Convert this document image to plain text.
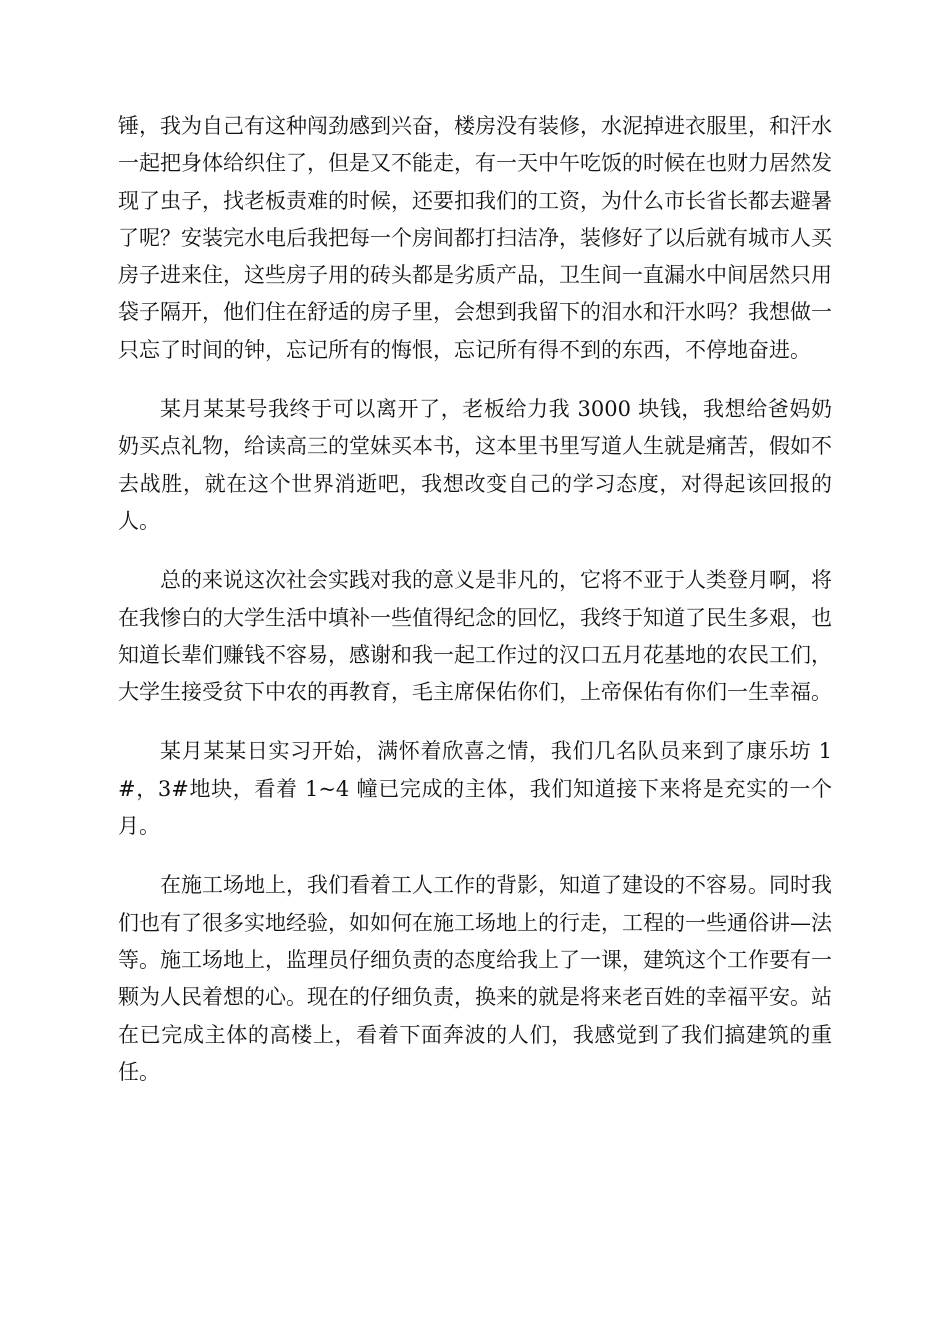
锤，我为自己有这种闯劲感到兴奋，楼房没有装修，水泥掉进衣服里，和汗水一起把身体给织住了，但是又不能走，有一天中午吃饭的时候在也财力居然发现了虫子，找老板责难的时候，还要扣我们的工资，为什么市长省长都去避暑了呢？安装完水电后我把每一个房间都打扫洁净，装修好了以后就有城市人买房子进来住，这些房子用的砖头都是劣质产品，卫生间一直漏水中间居然只用袋子隔开，他们住在舒适的房子里，会想到我留下的泪水和汗水吗？我想做一只忘了时间的钟，忘记所有的悔恨，忘记所有得不到的东西，不停地奋进。

某月某某号我终于可以离开了，老板给力我 3000 块钱，我想给爸妈奶奶买点礼物，给读高三的堂妹买本书，这本里书里写道人生就是痛苦，假如不去战胜，就在这个世界消逝吧，我想改变自己的学习态度，对得起该回报的人。

总的来说这次社会实践对我的意义是非凡的，它将不亚于人类登月啊，将在我惨白的大学生活中填补一些值得纪念的回忆，我终于知道了民生多艰，也知道长辈们赚钱不容易，感谢和我一起工作过的汉口五月花基地的农民工们，大学生接受贫下中农的再教育，毛主席保佑你们，上帝保佑有你们一生幸福。

某月某某日实习开始，满怀着欣喜之情，我们几名队员来到了康乐坊 1#，3#地块，看着 1~4 幢已完成的主体，我们知道接下来将是充实的一个月。

在施工场地上，我们看着工人工作的背影，知道了建设的不容易。同时我们也有了很多实地经验，如如何在施工场地上的行走，工程的一些通俗讲—法等。施工场地上，监理员仔细负责的态度给我上了一课，建筑这个工作要有一颗为人民着想的心。现在的仔细负责，换来的就是将来老百姓的幸福平安。站在已完成主体的高楼上，看着下面奔波的人们，我感觉到了我们搞建筑的重任。
